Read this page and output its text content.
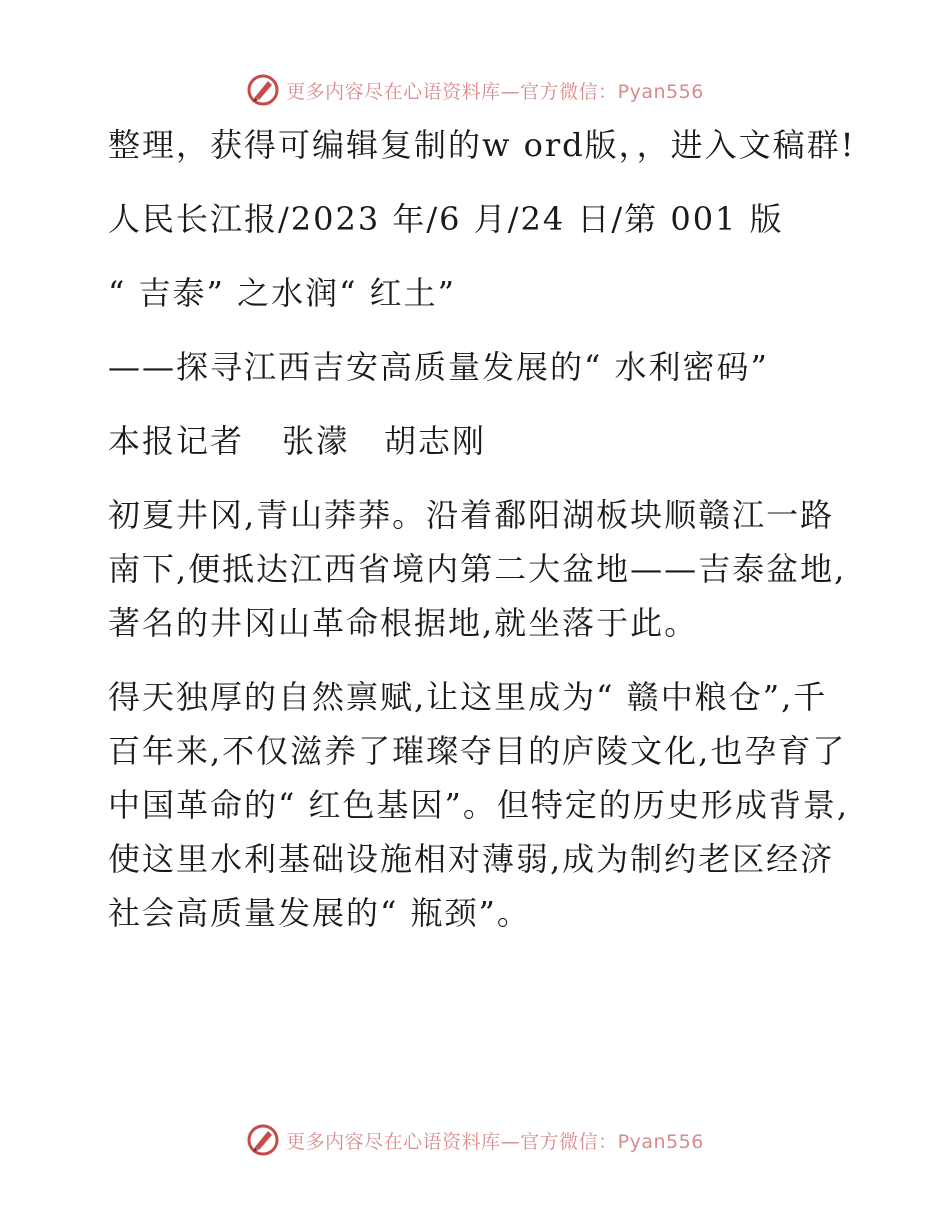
更多内容尽在心语资料库—官方微信：Pyan556

整理，获得可编辑复制的w ord版，，进入文稿群!

人民长江报/2023 年/6 月/24 日/第 001 版

“ 吉泰” 之水润“ 红土”

——探寻江西吉安高质量发展的“ 水利密码”

本报记者 张濛 胡志刚

初夏井冈,青山莽莽。沿着鄱阳湖板块顺赣江一路南下,便抵达江西省境内第二大盆地——吉泰盆地,著名的井冈山革命根据地,就坐落于此。

得天独厚的自然禀赋,让这里成为“ 赣中粮仓”,千百年来,不仅滋养了璀璨夺目的庐陵文化,也孕育了中国革命的“ 红色基因”。但特定的历史形成背景,使这里水利基础设施相对薄弱,成为制约老区经济社会高质量发展的“ 瓶颈”。

更多内容尽在心语资料库—官方微信：Pyan556
